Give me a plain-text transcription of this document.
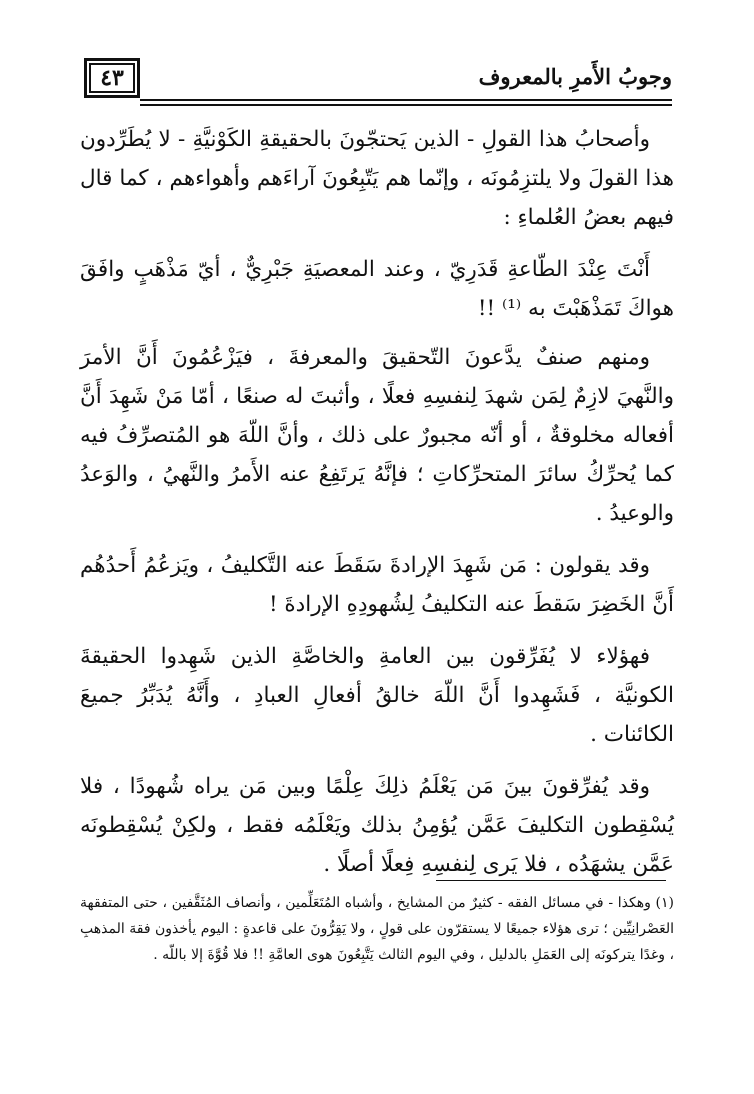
وجوبُ الأَمرِ بالمعروف
٤٣

وأصحابُ هذا القولِ - الذين يَحتجّونَ بالحقيقةِ الكَوْنيَّةِ - لا يُطَرِّدون هذا القولَ ولا يلتزِمُونَه ، وإنّما هم يَتّبِعُونَ آراءَهم وأهواءهم ، كما قال فيهم بعضُ العُلماءِ :

أَنْتَ عِنْدَ الطّاعةِ قَدَرِيّ ، وعند المعصيَةِ جَبْرِيٌّ ، أيّ مَذْهَبٍ وافَقَ هواكَ تَمَذْهَبْتَ به ⁽¹⁾ !!

ومنهم صنفٌ يدَّعونَ التّحقيقَ والمعرفةَ ، فيَزْعُمُونَ أَنَّ الأمرَ والنَّهيَ لازِمٌ لِمَن شهدَ لِنفسِهِ فعلًا ، وأثبتَ له صنعًا ، أمّا مَنْ شَهِدَ أَنَّ أفعاله مخلوقةٌ ، أو أنّه مجبورٌ على ذلك ، وأنَّ اللّهَ هو المُتصرِّفُ فيه كما يُحرِّكُ سائرَ المتحرِّكاتِ ؛ فإنَّهُ يَرتَفِعُ عنه الأَمرُ والنَّهيُ ، والوَعدُ والوعيدُ .

وقد يقولون : مَن شَهِدَ الإرادةَ سَقَطَ عنه التَّكليفُ ، ويَزعُمُ أَحدُهُم أَنَّ الخَضِرَ سَقطَ عنه التكليفُ لِشُهودِهِ الإرادةَ !

فهؤلاء لا يُفَرِّقون بين العامةِ والخاصَّةِ الذين شَهِدوا الحقيقةَ الكونيَّة ، فَشَهِدوا أَنَّ اللّهَ خالقُ أفعالِ العبادِ ، وأَنَّهُ يُدَبِّرُ جميعَ الكائنات .

وقد يُفرِّقونَ بينَ مَن يَعْلَمُ ذلِكَ عِلْمًا وبين مَن يراه شُهودًا ، فلا يُسْقِطون التكليفَ عَمَّن يُؤمِنُ بذلك ويَعْلَمُه فقط ، ولكِنْ يُسْقِطونَه عَمَّن يشهَدُه ، فلا يَرى لِنفسِهِ فِعلًا أصلًا .

(١) وهكذا - في مسائل الفقه - كثيرٌ من المشايخ ، وأشباه المُتَعَلِّمين ، وأنصاف المُثَقَّفين ، حتى المتفقهة العَصْرانِيِّين ؛ ترى هؤلاء جميعًا لا يستقرّون على قولٍ ، ولا يَقِرُّونَ على قاعدةٍ : اليوم يأخذون فقهَ المذهبِ ، وغدًا يتركونَه إلى العَمَلِ بالدليل ، وفي اليوم الثالث يَتَّبِعُونَ هوى العامَّةِ !! فلا قُوَّةَ إلا باللّه .
